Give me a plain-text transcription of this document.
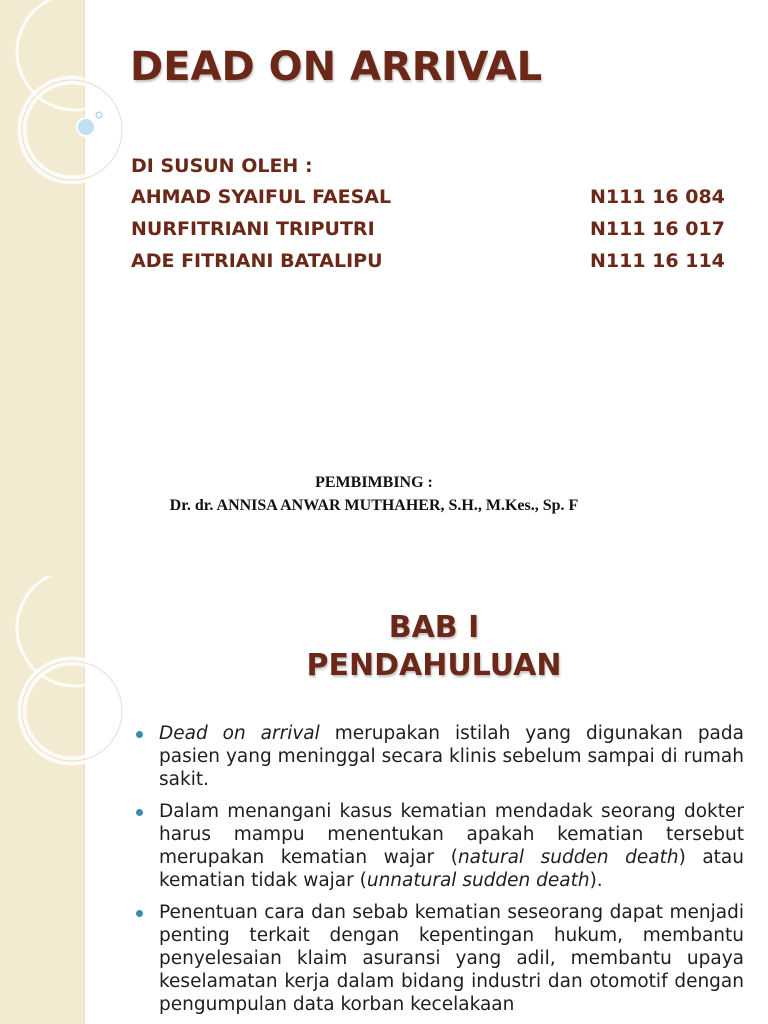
DEAD ON ARRIVAL
DI SUSUN OLEH :
AHMAD SYAIFUL FAESAL	N111 16 084
NURFITRIANI TRIPUTRI	N111 16 017
ADE FITRIANI BATALIPU	N111 16 114
PEMBIMBING :
Dr. dr. ANNISA ANWAR MUTHAHER, S.H., M.Kes., Sp. F
BAB I
PENDAHULUAN
Dead on arrival merupakan istilah yang digunakan pada pasien yang meninggal secara klinis sebelum sampai di rumah sakit.
Dalam menangani kasus kematian mendadak seorang dokter harus mampu menentukan apakah kematian tersebut merupakan kematian wajar (natural sudden death) atau kematian tidak wajar (unnatural sudden death).
Penentuan cara dan sebab kematian seseorang dapat menjadi penting terkait dengan kepentingan hukum, membantu penyelesaian klaim asuransi yang adil, membantu upaya keselamatan kerja dalam bidang industri dan otomotif dengan pengumpulan data korban kecelakaan
